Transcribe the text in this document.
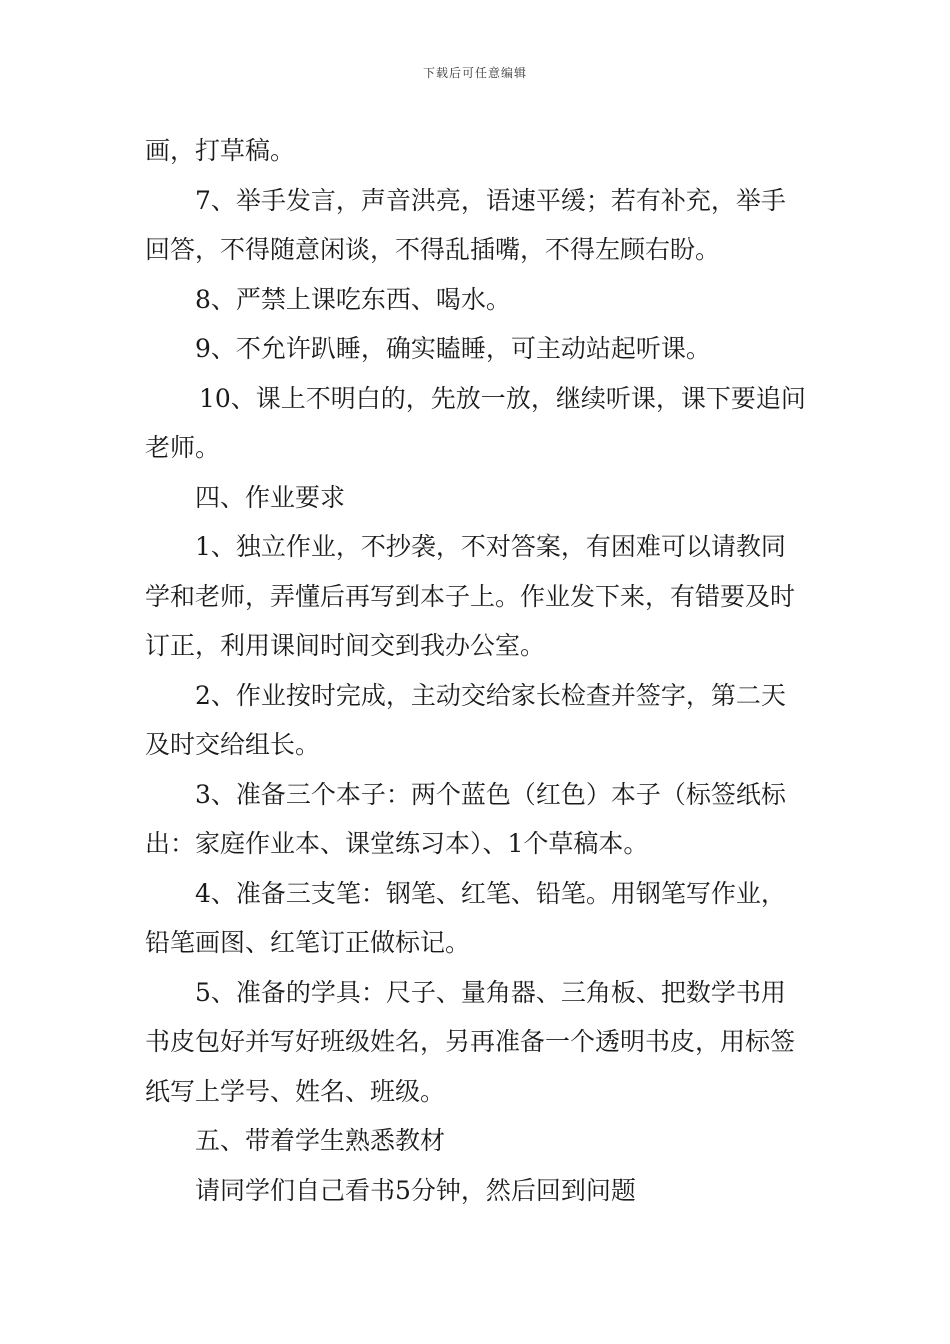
下载后可任意编辑

画，打草稿。

7、举手发言，声音洪亮，语速平缓；若有补充，举手回答，不得随意闲谈，不得乱插嘴，不得左顾右盼。

8、严禁上课吃东西、喝水。

9、不允许趴睡，确实瞌睡，可主动站起听课。

10、课上不明白的，先放一放，继续听课，课下要追问老师。

四、作业要求

1、独立作业，不抄袭，不对答案，有困难可以请教同学和老师，弄懂后再写到本子上。作业发下来，有错要及时订正，利用课间时间交到我办公室。

2、作业按时完成，主动交给家长检查并签字，第二天及时交给组长。

3、准备三个本子：两个蓝色（红色）本子（标签纸标出：家庭作业本、课堂练习本）、1个草稿本。

4、准备三支笔：钢笔、红笔、铅笔。用钢笔写作业，铅笔画图、红笔订正做标记。

5、准备的学具：尺子、量角器、三角板、把数学书用书皮包好并写好班级姓名，另再准备一个透明书皮，用标签纸写上学号、姓名、班级。

五、带着学生熟悉教材

请同学们自己看书5分钟，然后回到问题
